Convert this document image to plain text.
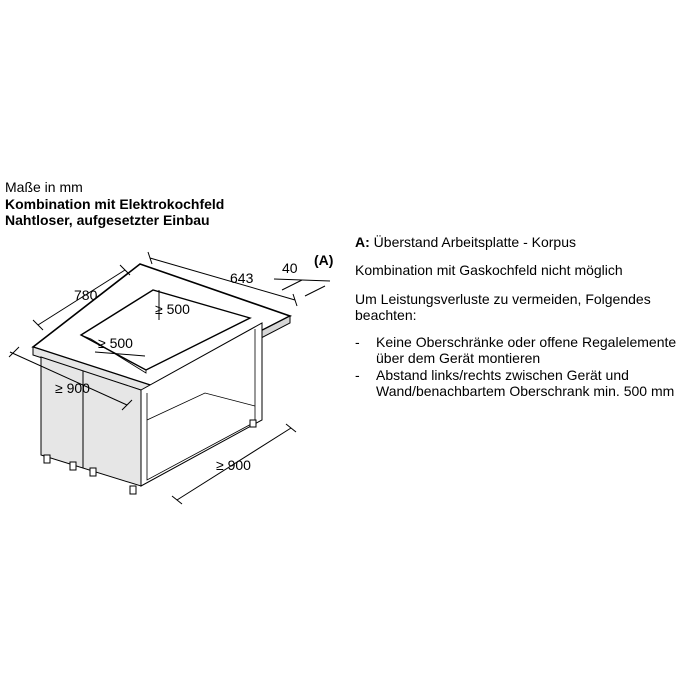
Maße in mm
Kombination mit Elektrokochfeld
Nahtloser, aufgesetzter Einbau
780
643
40 (A)
≥ 500
≥ 500
≥ 900
≥ 900

A: Überstand Arbeitsplatte - Korpus

Kombination mit Gaskochfeld nicht möglich

Um Leistungsverluste zu vermeiden, Folgendes beachten:

- Keine Oberschränke oder offene Regalelemente über dem Gerät montieren
- Abstand links/rechts zwischen Gerät und Wand/benachbartem Oberschrank min. 500 mm
